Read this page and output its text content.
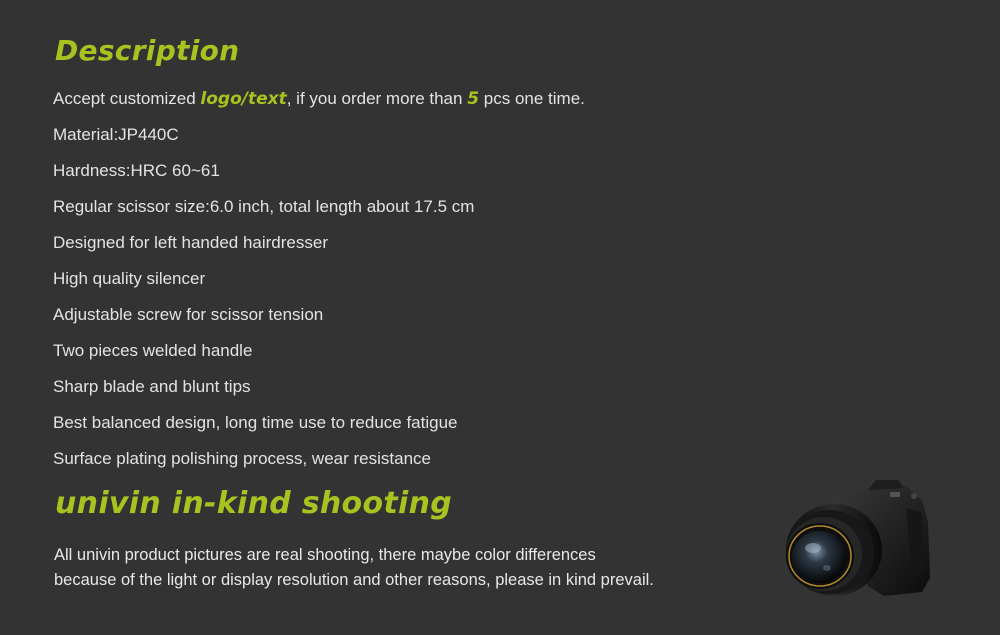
Description
Accept customized logo/text, if you order more than 5 pcs one time.
Material:JP440C
Hardness:HRC 60~61
Regular scissor size:6.0 inch, total length about 17.5 cm
Designed for left handed hairdresser
High quality silencer
Adjustable screw for scissor tension
Two pieces welded handle
Sharp blade and blunt tips
Best balanced design, long time use to reduce fatigue
Surface plating polishing process, wear resistance
univin in-kind shooting

All univin product pictures are real shooting, there maybe color differences
because of the light or display resolution and other reasons, please in kind prevail.
